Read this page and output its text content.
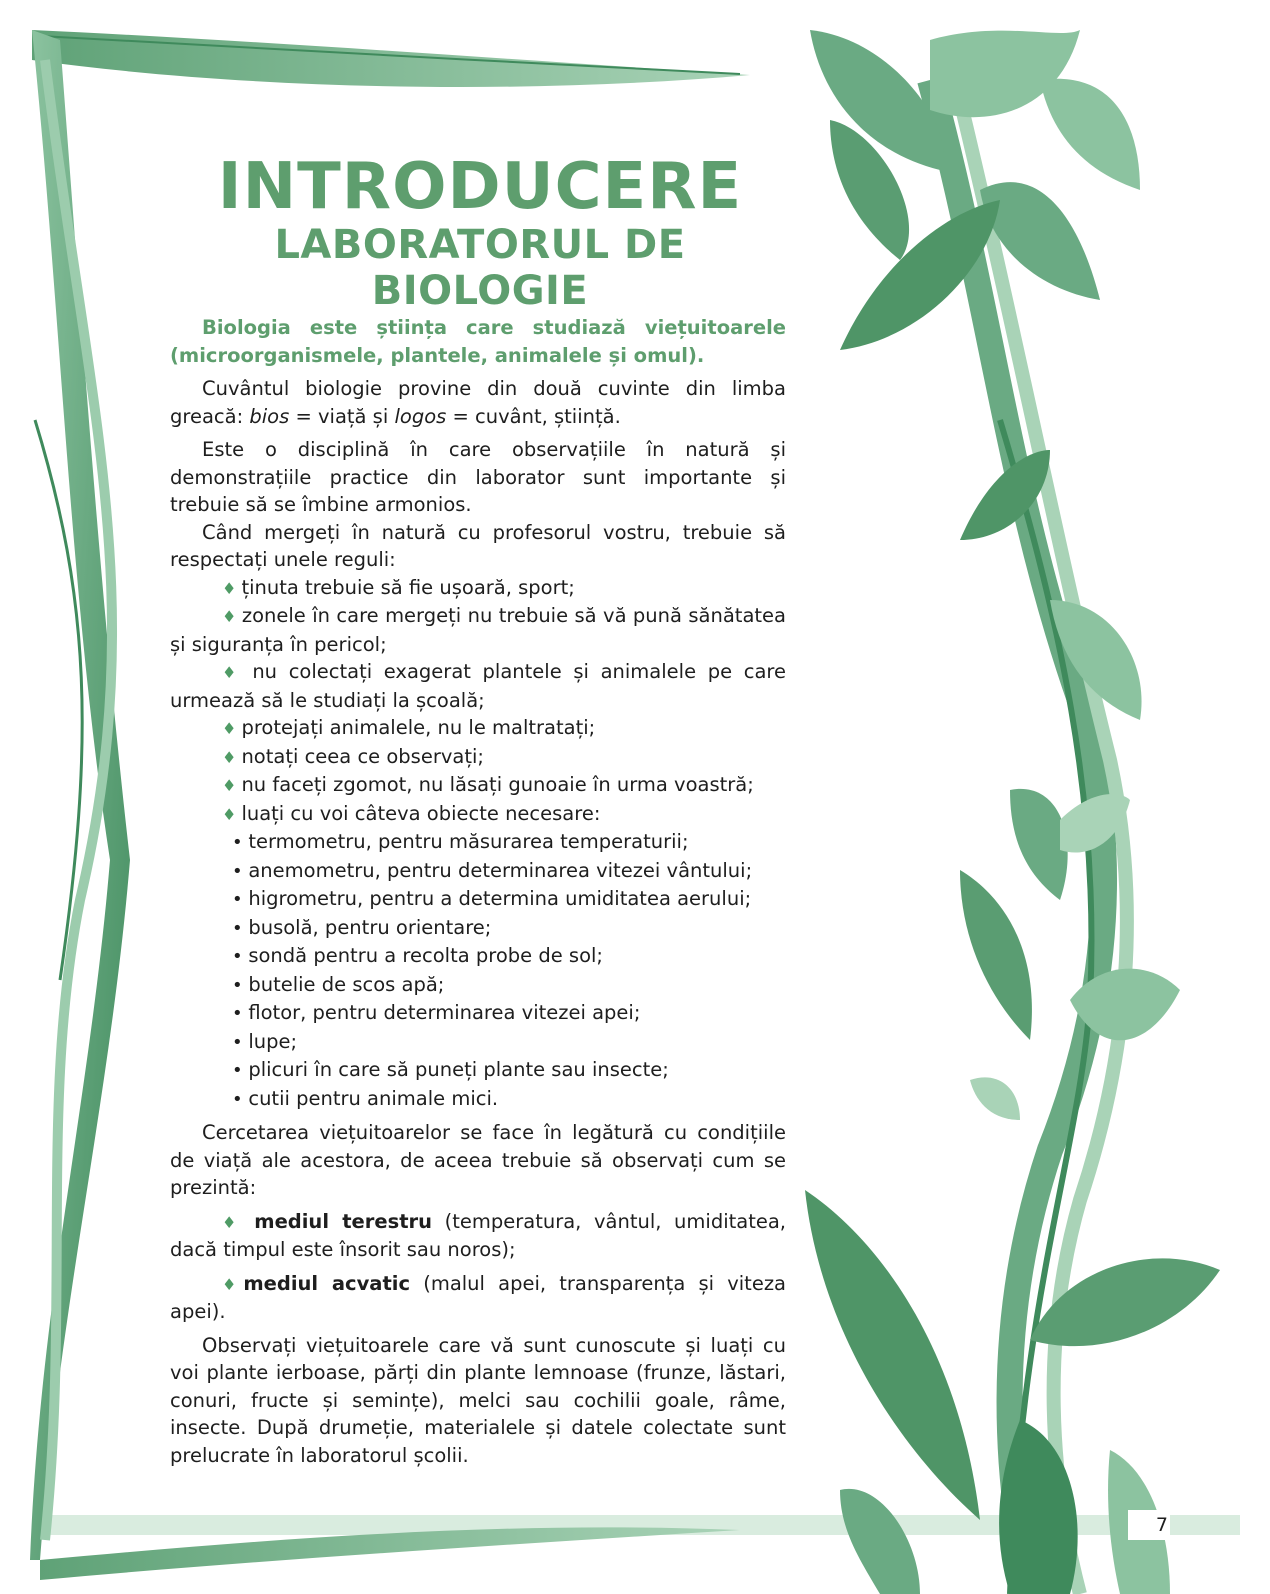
INTRODUCERE
LABORATORUL DE BIOLOGIE

Biologia este știința care studiază viețuitoarele (microorganismele, plantele, animalele și omul).

Cuvântul biologie provine din două cuvinte din limba greacă: bios = viață și logos = cuvânt, știință.

Este o disciplină în care observațiile în natură și demonstrațiile practice din laborator sunt importante și trebuie să se îmbine armonios.

Când mergeți în natură cu profesorul vostru, trebuie să respectați unele reguli:

♦ ținuta trebuie să fie ușoară, sport;

♦ zonele în care mergeți nu trebuie să vă pună sănătatea și siguranța în pericol;

♦ nu colectați exagerat plantele și animalele pe care urmează să le studiați la școală;

♦ protejați animalele, nu le maltratați;

♦ notați ceea ce observați;

♦ nu faceți zgomot, nu lăsați gunoaie în urma voastră;

♦ luați cu voi câteva obiecte necesare:

• termometru, pentru măsurarea temperaturii;

• anemometru, pentru determinarea vitezei vântului;

• higrometru, pentru a determina umiditatea aerului;

• busolă, pentru orientare;

• sondă pentru a recolta probe de sol;

• butelie de scos apă;

• flotor, pentru determinarea vitezei apei;

• lupe;

• plicuri în care să puneți plante sau insecte;

• cutii pentru animale mici.

Cercetarea viețuitoarelor se face în legătură cu condițiile de viață ale acestora, de aceea trebuie să observați cum se prezintă:

♦ mediul terestru (temperatura, vântul, umiditatea, dacă timpul este însorit sau noros);

♦mediul acvatic (malul apei, transparența și viteza apei).

Observați viețuitoarele care vă sunt cunoscute și luați cu voi plante ierboase, părți din plante lemnoase (frunze, lăstari, conuri, fructe și semințe), melci sau cochilii goale, râme, insecte. După drumeție, materialele și datele colectate sunt prelucrate în laboratorul școlii.

7
